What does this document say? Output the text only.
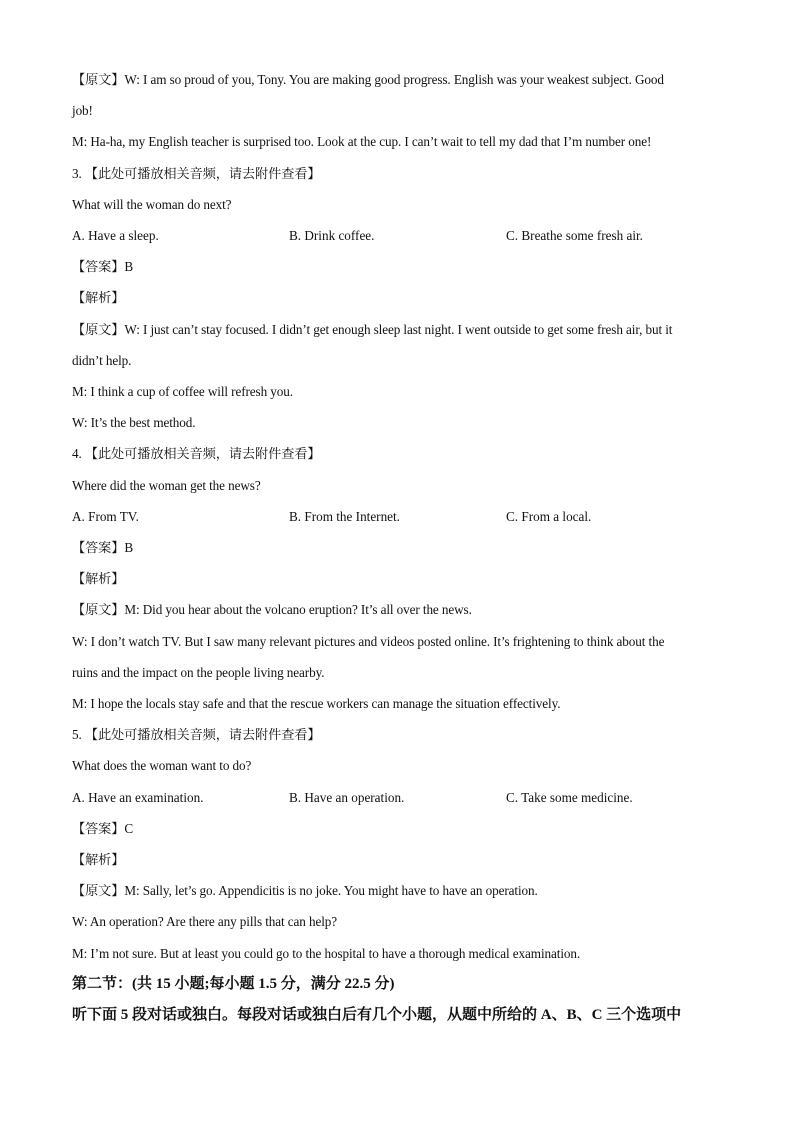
【原文】W: I am so proud of you, Tony. You are making good progress. English was your weakest subject. Good
job!
M: Ha-ha, my English teacher is surprised too. Look at the cup. I can’t wait to tell my dad that I’m number one!
3. 【此处可播放相关音频，请去附件查看】
What will the woman do next?
A. Have a sleep.	B. Drink coffee.	C. Breathe some fresh air.
【答案】B
【解析】
【原文】W: I just can’t stay focused. I didn’t get enough sleep last night. I went outside to get some fresh air, but it
didn’t help.
M: I think a cup of coffee will refresh you.
W: It’s the best method.
4. 【此处可播放相关音频，请去附件查看】
Where did the woman get the news?
A. From TV.	B. From the Internet.	C. From a local.
【答案】B
【解析】
【原文】M: Did you hear about the volcano eruption? It’s all over the news.
W: I don’t watch TV. But I saw many relevant pictures and videos posted online. It’s frightening to think about the
ruins and the impact on the people living nearby.
M: I hope the locals stay safe and that the rescue workers can manage the situation effectively.
5. 【此处可播放相关音频，请去附件查看】
What does the woman want to do?
A. Have an examination.	B. Have an operation.	C. Take some medicine.
【答案】C
【解析】
【原文】M: Sally, let’s go. Appendicitis is no joke. You might have to have an operation.
W: An operation? Are there any pills that can help?
M: I’m not sure. But at least you could go to the hospital to have a thorough medical examination.
第二节：(共 15 小题;每小题 1.5 分，满分 22.5 分)
听下面 5 段对话或独白。每段对话或独白后有几个小题，从题中所给的 A、B、C 三个选项中
